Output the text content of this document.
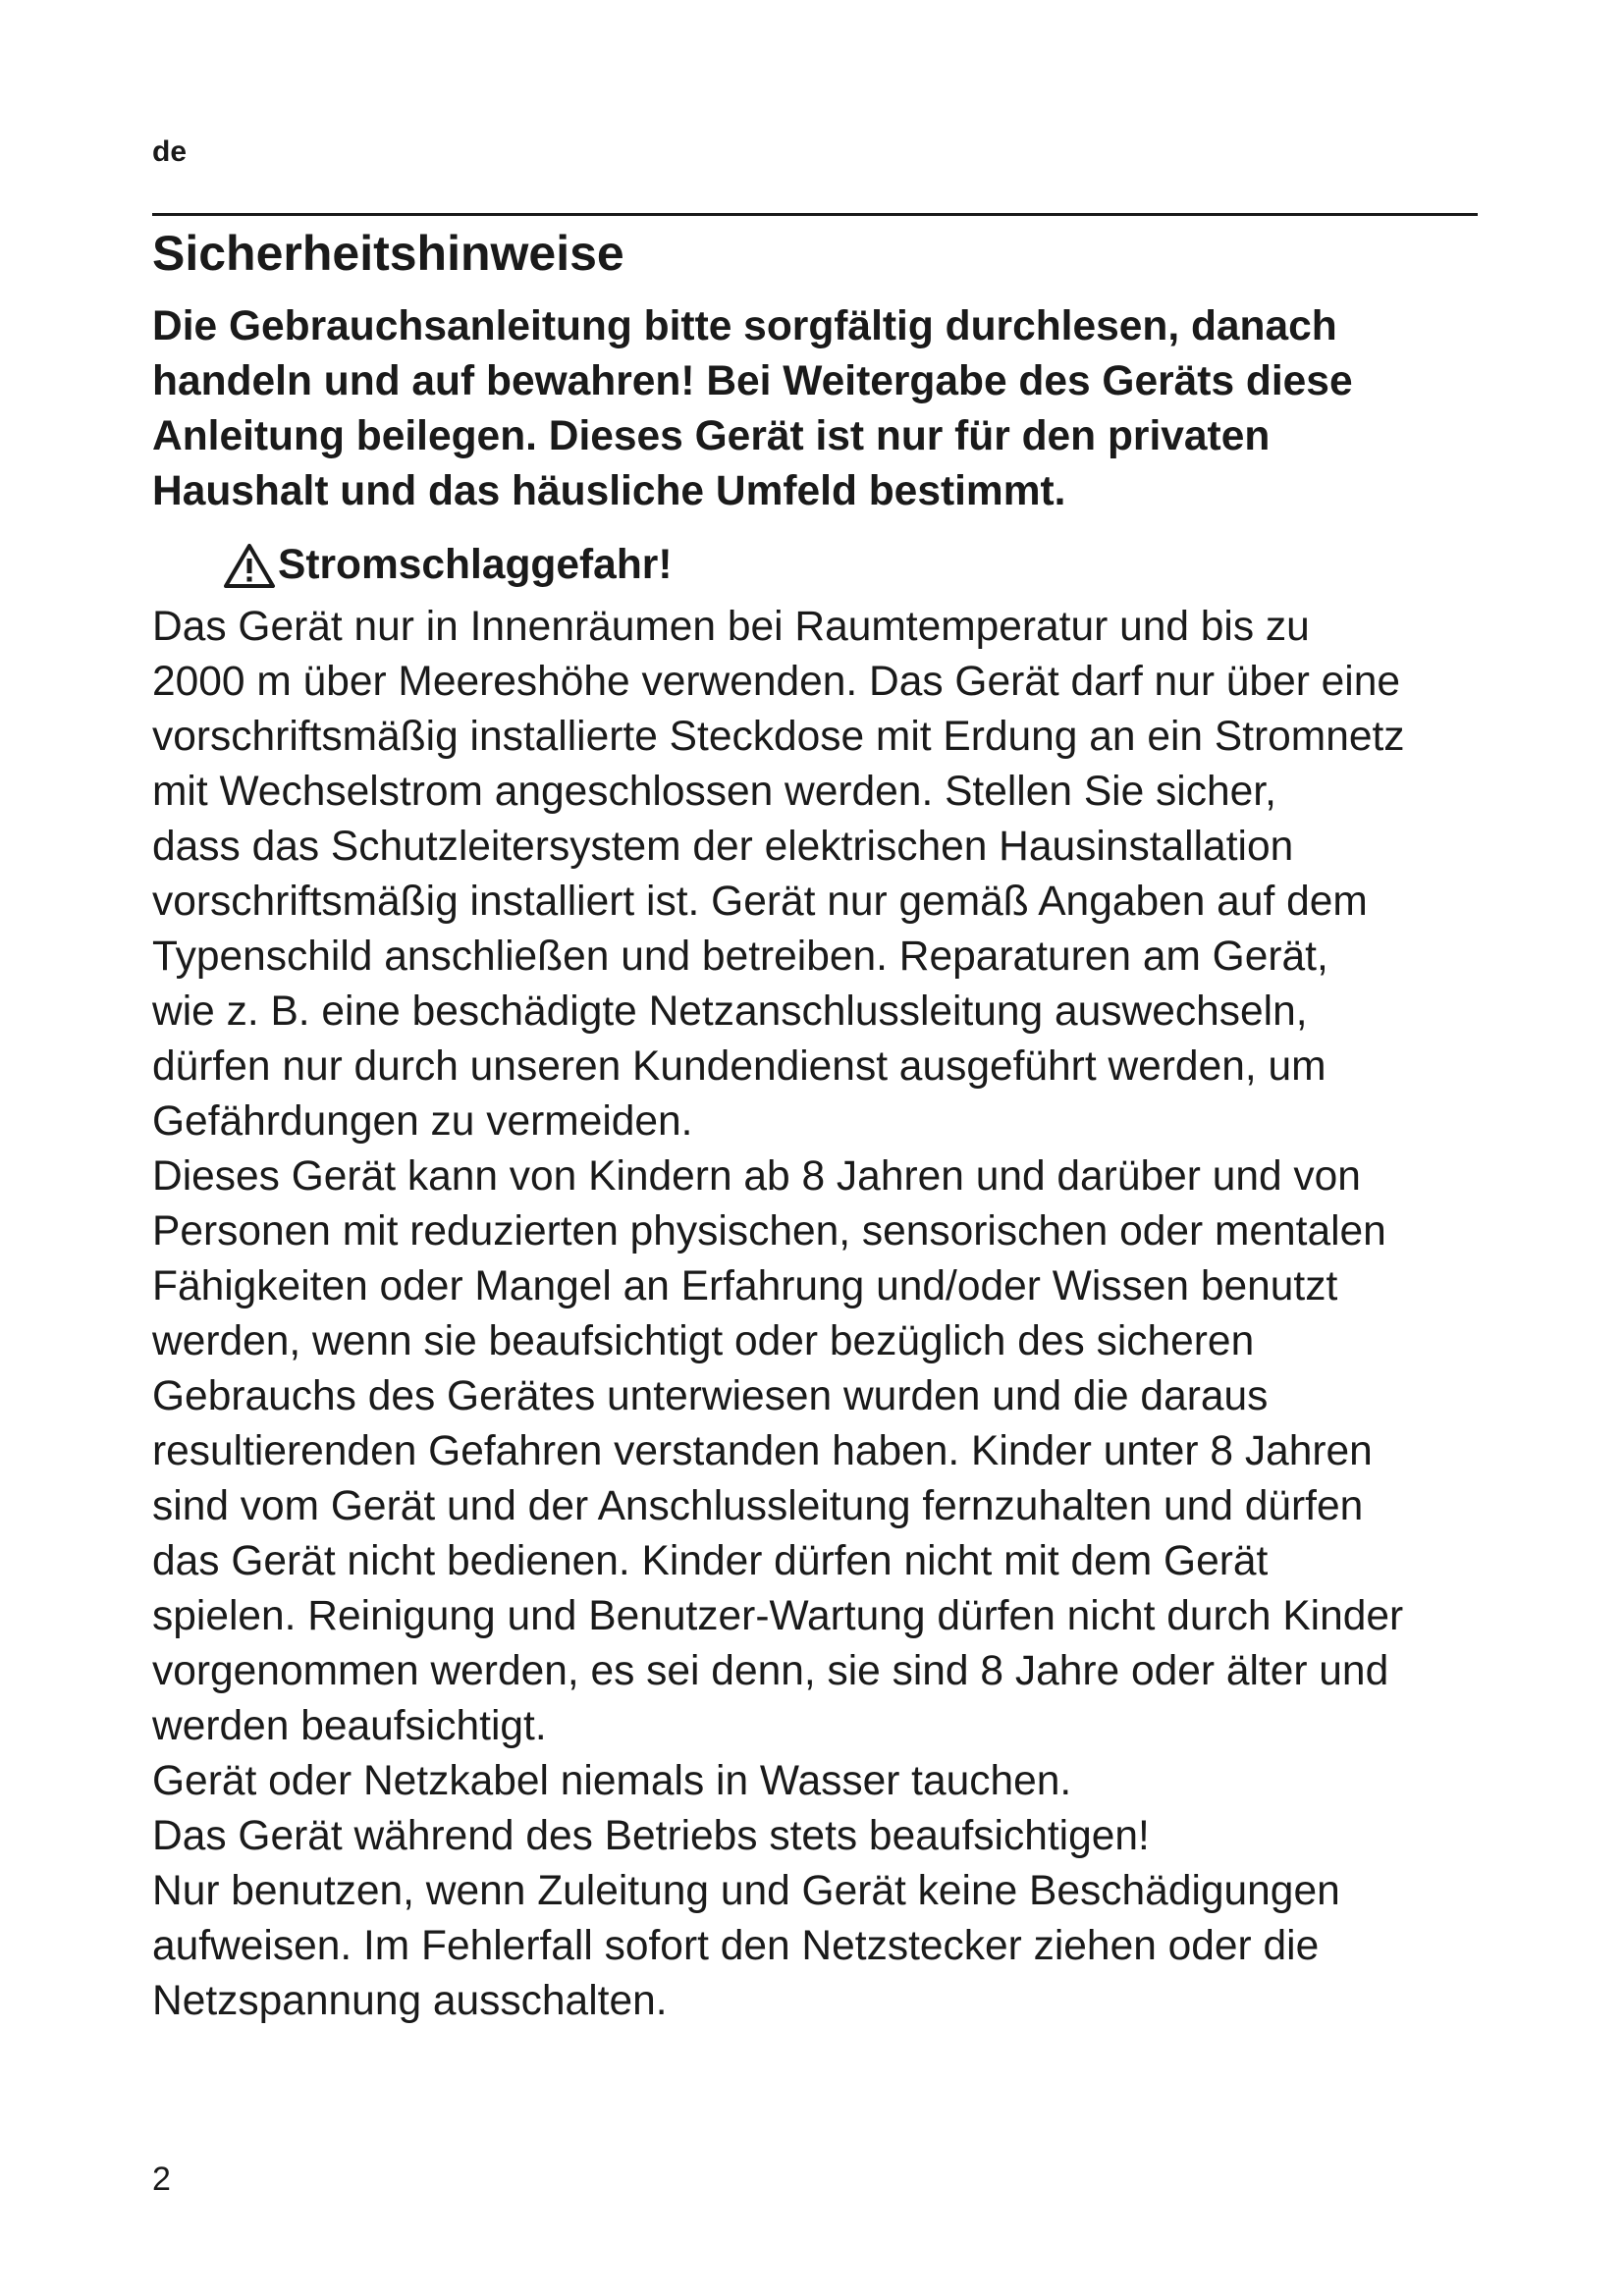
de
Sicherheitshinweise

Die Gebrauchsanleitung bitte sorgfältig durchlesen, danach
handeln und auf bewahren! Bei Weitergabe des Geräts diese
Anleitung beilegen. Dieses Gerät ist nur für den privaten
Haushalt und das häusliche Umfeld bestimmt.

Stromschlaggefahr!
Das Gerät nur in Innenräumen bei Raumtemperatur und bis zu
2000 m über Meereshöhe verwenden. Das Gerät darf nur über eine
vorschriftsmäßig installierte Steckdose mit Erdung an ein Stromnetz
mit Wechselstrom angeschlossen werden. Stellen Sie sicher,
dass das Schutzleitersystem der elektrischen Hausinstallation
vorschriftsmäßig installiert ist. Gerät nur gemäß Angaben auf dem
Typenschild anschließen und betreiben. Reparaturen am Gerät,
wie z. B. eine beschädigte Netzanschlussleitung auswechseln,
dürfen nur durch unseren Kundendienst ausgeführt werden, um
Gefährdungen zu vermeiden.
Dieses Gerät kann von Kindern ab 8 Jahren und darüber und von
Personen mit reduzierten physischen, sensorischen oder mentalen
Fähigkeiten oder Mangel an Erfahrung und/oder Wissen benutzt
werden, wenn sie beaufsichtigt oder bezüglich des sicheren
Gebrauchs des Gerätes unterwiesen wurden und die daraus
resultierenden Gefahren verstanden haben. Kinder unter 8 Jahren
sind vom Gerät und der Anschlussleitung fernzuhalten und dürfen
das Gerät nicht bedienen. Kinder dürfen nicht mit dem Gerät
spielen. Reinigung und Benutzer-Wartung dürfen nicht durch Kinder
vorgenommen werden, es sei denn, sie sind 8 Jahre oder älter und
werden beaufsichtigt.
Gerät oder Netzkabel niemals in Wasser tauchen.
Das Gerät während des Betriebs stets beaufsichtigen!
Nur benutzen, wenn Zuleitung und Gerät keine Beschädigungen
aufweisen. Im Fehlerfall sofort den Netzstecker ziehen oder die
Netzspannung ausschalten.
2
